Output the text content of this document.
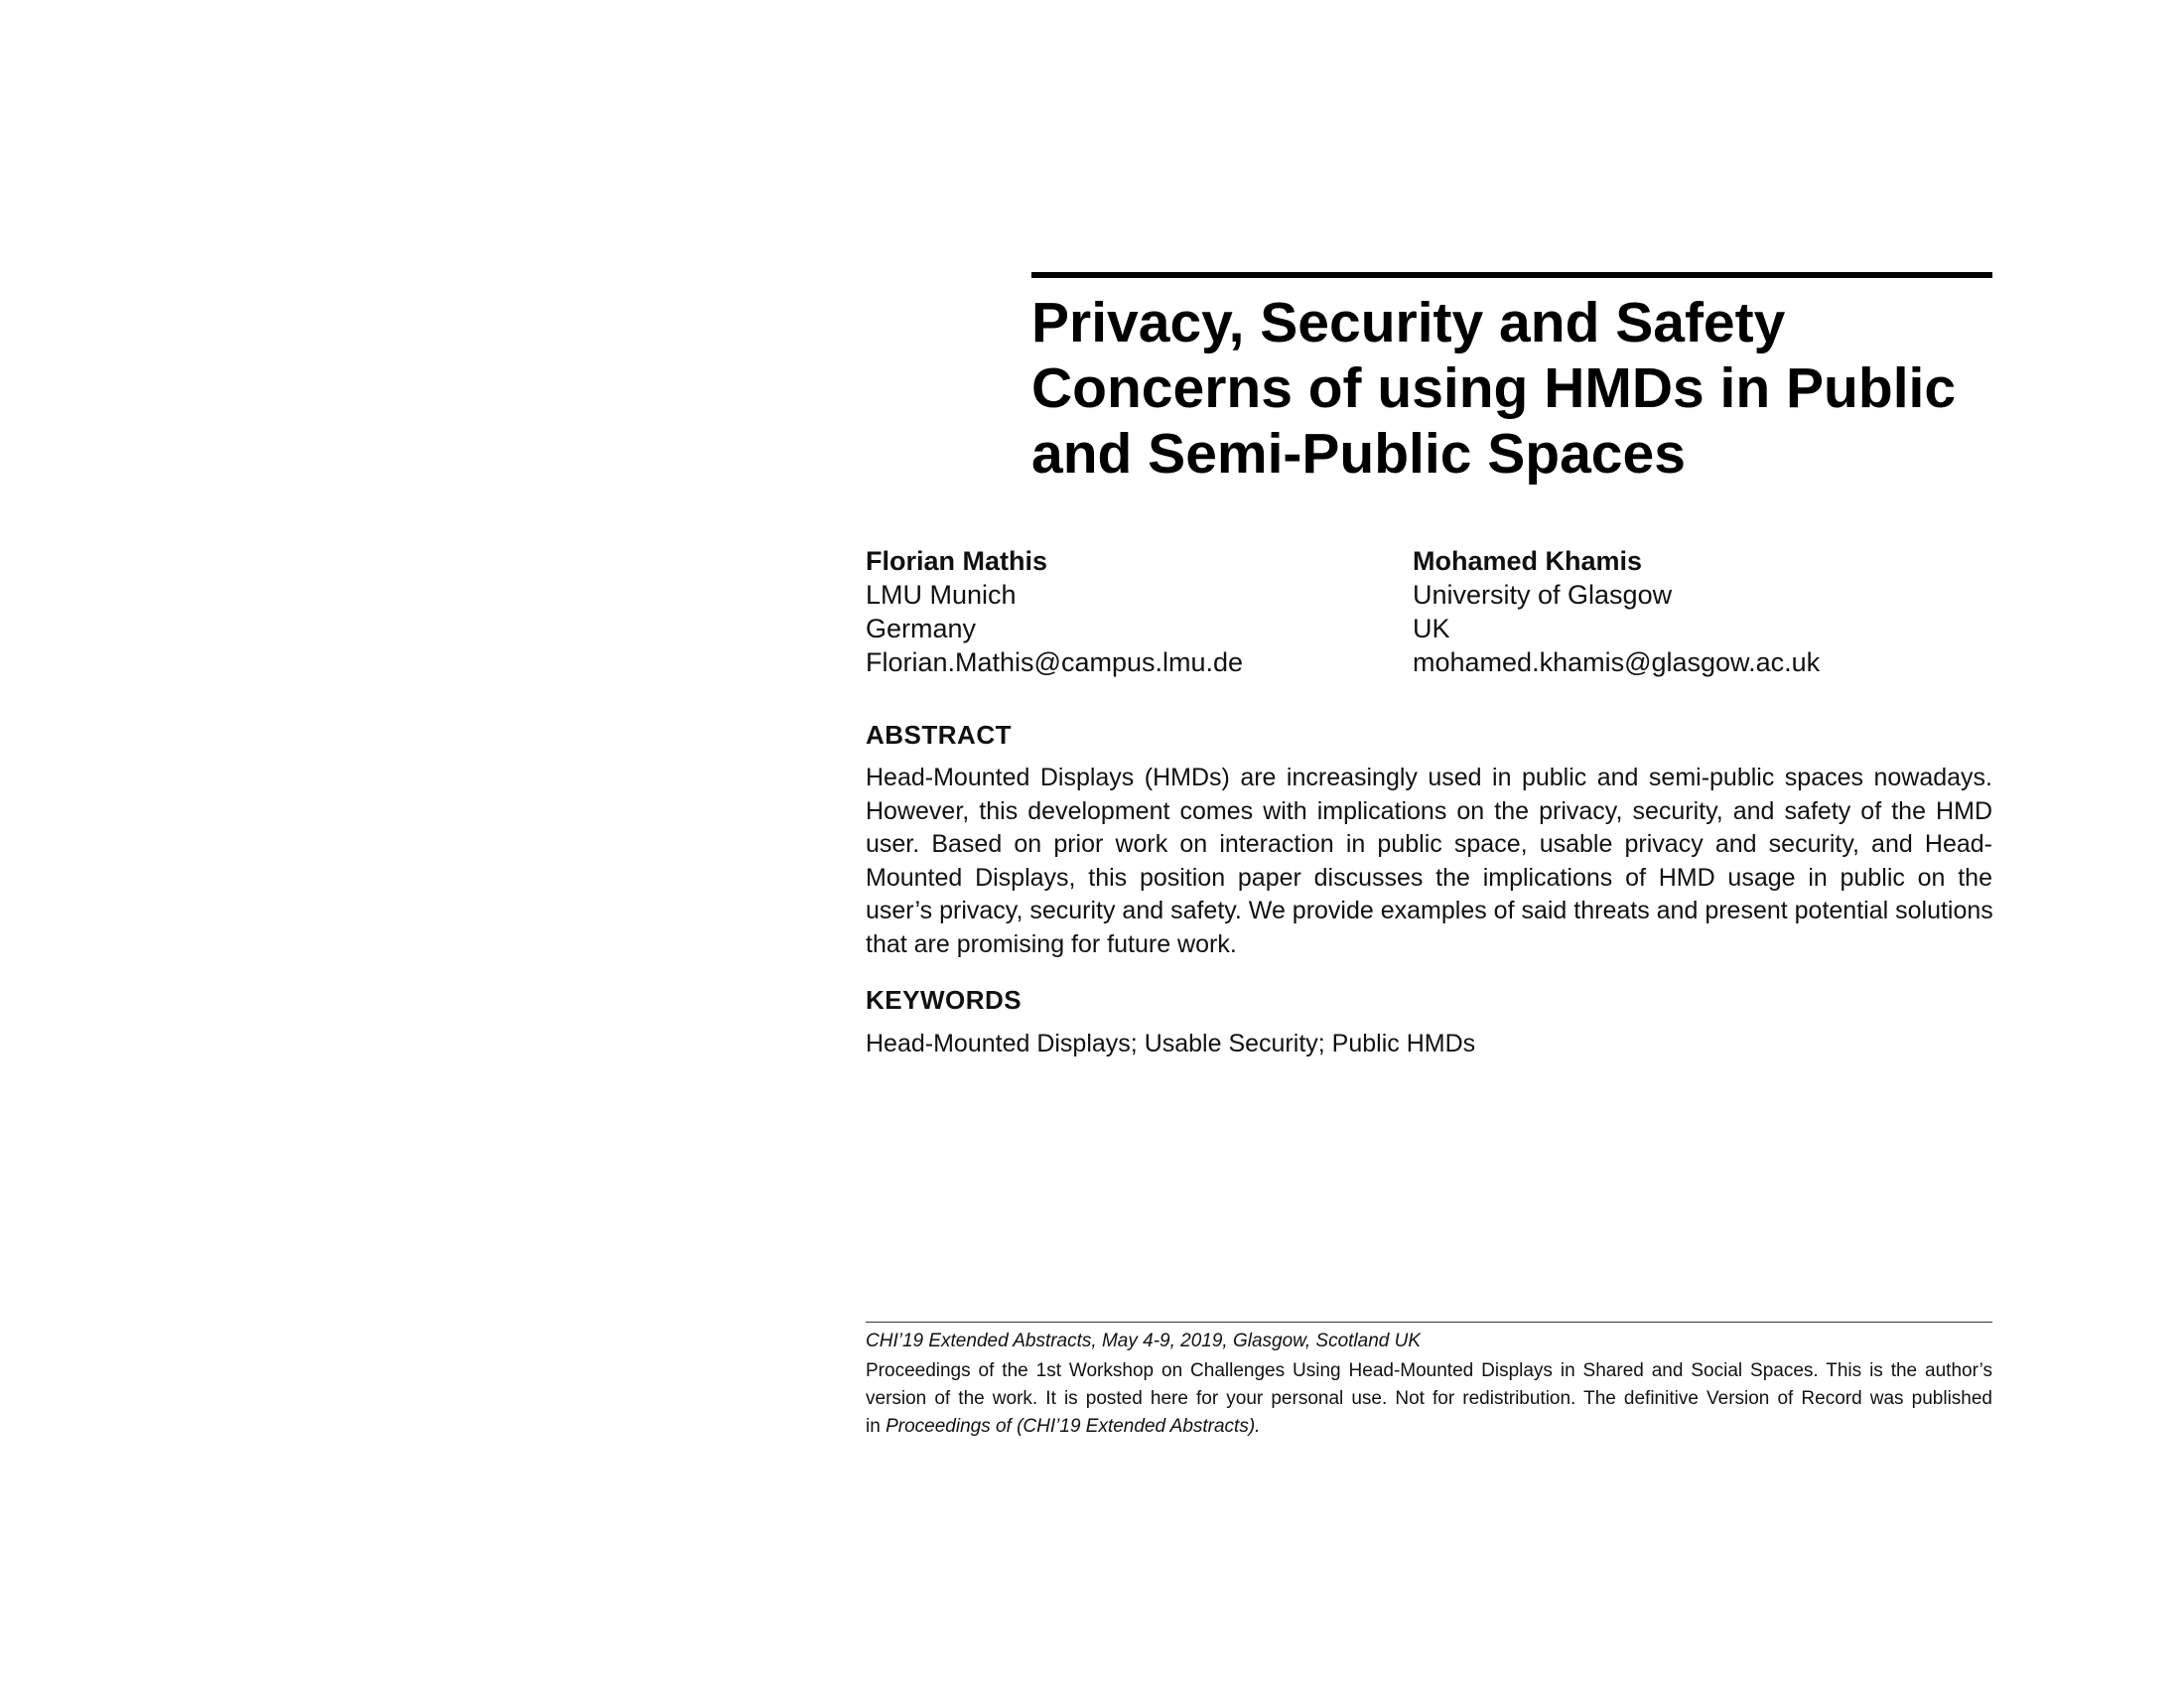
Privacy, Security and Safety
Concerns of using HMDs in Public
and Semi-Public Spaces
Florian Mathis
LMU Munich
Germany
Florian.Mathis@campus.lmu.de
Mohamed Khamis
University of Glasgow
UK
mohamed.khamis@glasgow.ac.uk
ABSTRACT
Head-Mounted Displays (HMDs) are increasingly used in public and semi-public spaces nowadays.
However, this development comes with implications on the privacy, security, and safety of the HMD
user. Based on prior work on interaction in public space, usable privacy and security, and Head-
Mounted Displays, this position paper discusses the implications of HMD usage in public on the
user’s privacy, security and safety. We provide examples of said threats and present potential solutions
that are promising for future work.
KEYWORDS
Head-Mounted Displays; Usable Security; Public HMDs
CHI’19 Extended Abstracts, May 4-9, 2019, Glasgow, Scotland UK
Proceedings of the 1st Workshop on Challenges Using Head-Mounted Displays in Shared and Social Spaces. This is the author’s
version of the work. It is posted here for your personal use. Not for redistribution. The definitive Version of Record was published
in Proceedings of (CHI’19 Extended Abstracts).
